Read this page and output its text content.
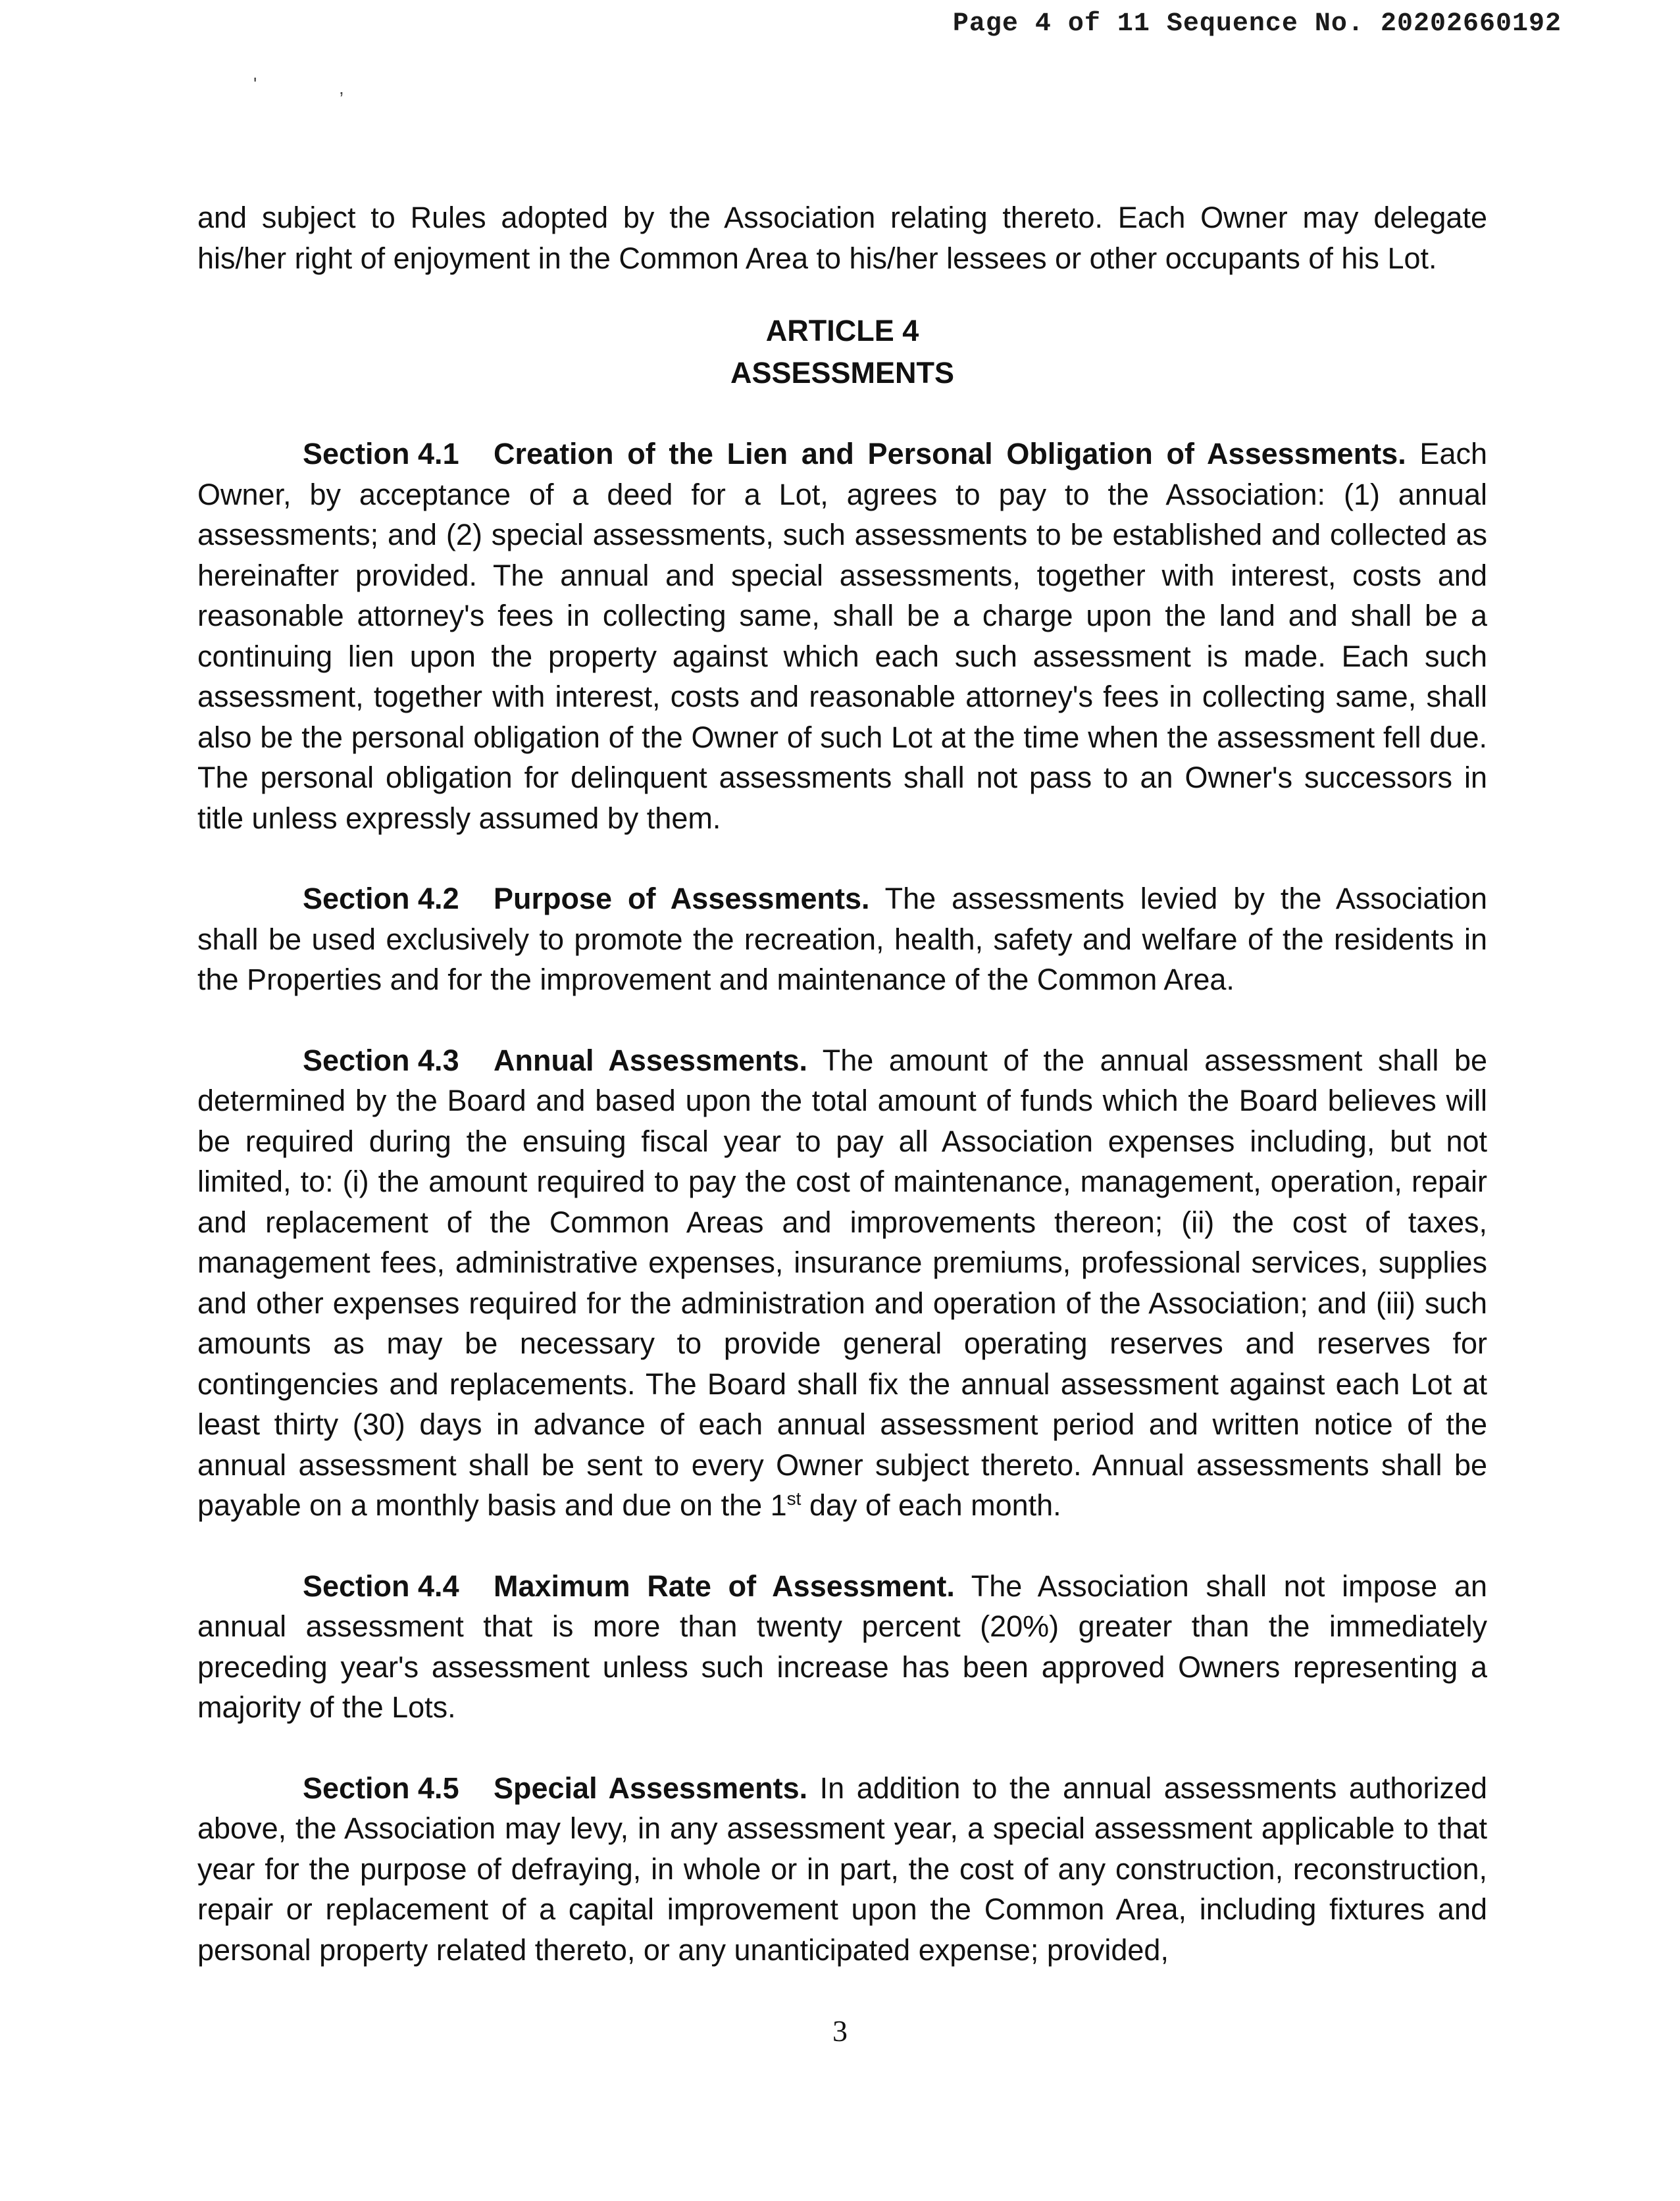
Page 4 of 11 Sequence No. 20202660192
'	,

and subject to Rules adopted by the Association relating thereto. Each Owner may delegate his/her right of enjoyment in the Common Area to his/her lessees or other occupants of his Lot.

ARTICLE 4
ASSESSMENTS

Section 4.1 Creation of the Lien and Personal Obligation of Assessments. Each Owner, by acceptance of a deed for a Lot, agrees to pay to the Association: (1) annual assessments; and (2) special assessments, such assessments to be established and collected as hereinafter provided. The annual and special assessments, together with interest, costs and reasonable attorney's fees in collecting same, shall be a charge upon the land and shall be a continuing lien upon the property against which each such assessment is made. Each such assessment, together with interest, costs and reasonable attorney's fees in collecting same, shall also be the personal obligation of the Owner of such Lot at the time when the assessment fell due. The personal obligation for delinquent assessments shall not pass to an Owner's successors in title unless expressly assumed by them.

Section 4.2 Purpose of Assessments. The assessments levied by the Association shall be used exclusively to promote the recreation, health, safety and welfare of the residents in the Properties and for the improvement and maintenance of the Common Area.

Section 4.3 Annual Assessments. The amount of the annual assessment shall be determined by the Board and based upon the total amount of funds which the Board believes will be required during the ensuing fiscal year to pay all Association expenses including, but not limited, to: (i) the amount required to pay the cost of maintenance, management, operation, repair and replacement of the Common Areas and improvements thereon; (ii) the cost of taxes, management fees, administrative expenses, insurance premiums, professional services, supplies and other expenses required for the administration and operation of the Association; and (iii) such amounts as may be necessary to provide general operating reserves and reserves for contingencies and replacements. The Board shall fix the annual assessment against each Lot at least thirty (30) days in advance of each annual assessment period and written notice of the annual assessment shall be sent to every Owner subject thereto. Annual assessments shall be payable on a monthly basis and due on the 1st day of each month.

Section 4.4 Maximum Rate of Assessment. The Association shall not impose an annual assessment that is more than twenty percent (20%) greater than the immediately preceding year's assessment unless such increase has been approved Owners representing a majority of the Lots.

Section 4.5 Special Assessments. In addition to the annual assessments authorized above, the Association may levy, in any assessment year, a special assessment applicable to that year for the purpose of defraying, in whole or in part, the cost of any construction, reconstruction, repair or replacement of a capital improvement upon the Common Area, including fixtures and personal property related thereto, or any unanticipated expense; provided,

3
